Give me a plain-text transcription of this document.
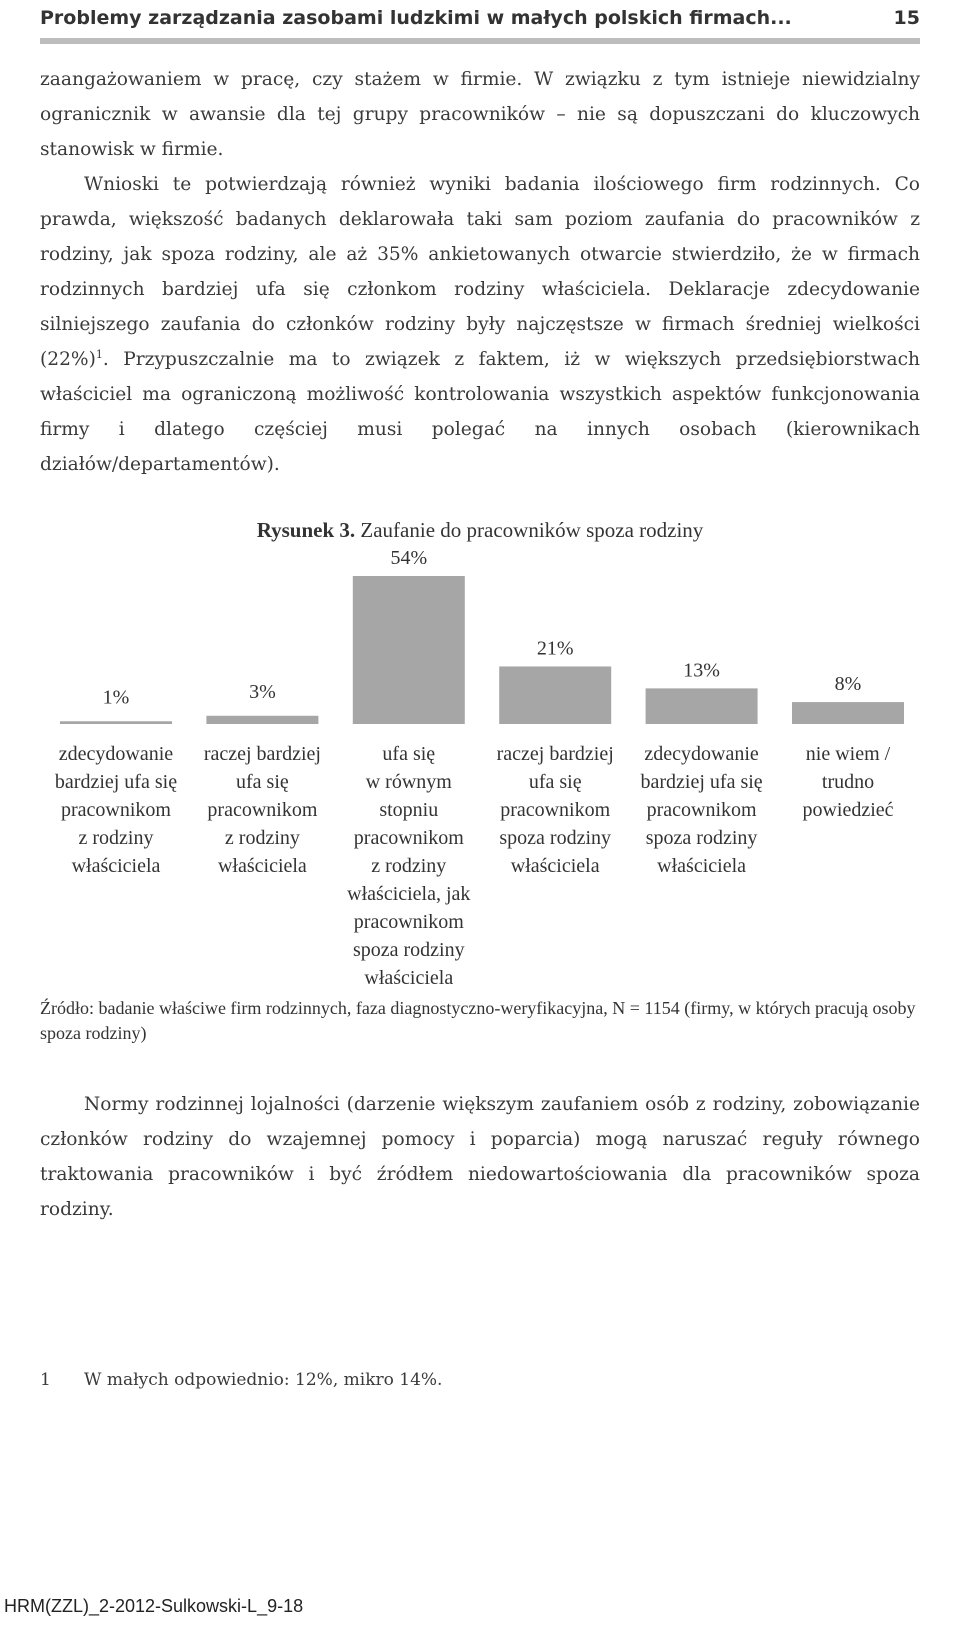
Problemy zarządzania zasobami ludzkimi w małych polskich firmach...	15

zaangażowaniem w pracę, czy stażem w firmie. W związku z tym istnieje niewidzialny ogranicznik w awansie dla tej grupy pracowników – nie są dopuszczani do kluczowych stanowisk w firmie.

Wnioski te potwierdzają również wyniki badania ilościowego firm rodzinnych. Co prawda, większość badanych deklarowała taki sam poziom zaufania do pracowników z rodziny, jak spoza rodziny, ale aż 35% ankietowanych otwarcie stwierdziło, że w firmach rodzinnych bardziej ufa się członkom rodziny właściciela. Deklaracje zdecydowanie silniejszego zaufania do członków rodziny były najczęstsze w firmach średniej wielkości $(22\%)^1$. Przypuszczalnie ma to związek z faktem, iż w większych przedsiębiorstwach właściciel ma ograniczoną możliwość kontrolowania wszystkich aspektów funkcjonowania firmy i dlatego częściej musi polegać na innych osobach (kierownikach działów/departamentów).

Rysunek 3. Zaufanie do pracowników spoza rodziny
1%
zdecydowanie bardziej ufa się pracownikom z rodziny właściciela
3%
raczej bardziej ufa się pracownikom z rodziny właściciela
54%
ufa się w równym stopniu pracownikom z rodziny właściciela, jak pracownikom spoza rodziny właściciela
21%
raczej bardziej ufa się pracownikom spoza rodziny właściciela
13%
zdecydowanie bardziej ufa się pracownikom spoza rodziny właściciela
8%
nie wiem / trudno powiedzieć
Źródło: badanie właściwe firm rodzinnych, faza diagnostyczno-weryfikacyjna, N = 1154 (firmy, w których pracują osoby spoza rodziny)

Normy rodzinnej lojalności (darzenie większym zaufaniem osób z rodziny, zobowiązanie członków rodziny do wzajemnej pomocy i poparcia) mogą naruszać reguły równego traktowania pracowników i być źródłem niedowartościowania dla pracowników spoza rodziny.

1 W małych odpowiednio: 12%, mikro 14%.
HRM(ZZL)_2-2012-Sulkowski-L_9-18
